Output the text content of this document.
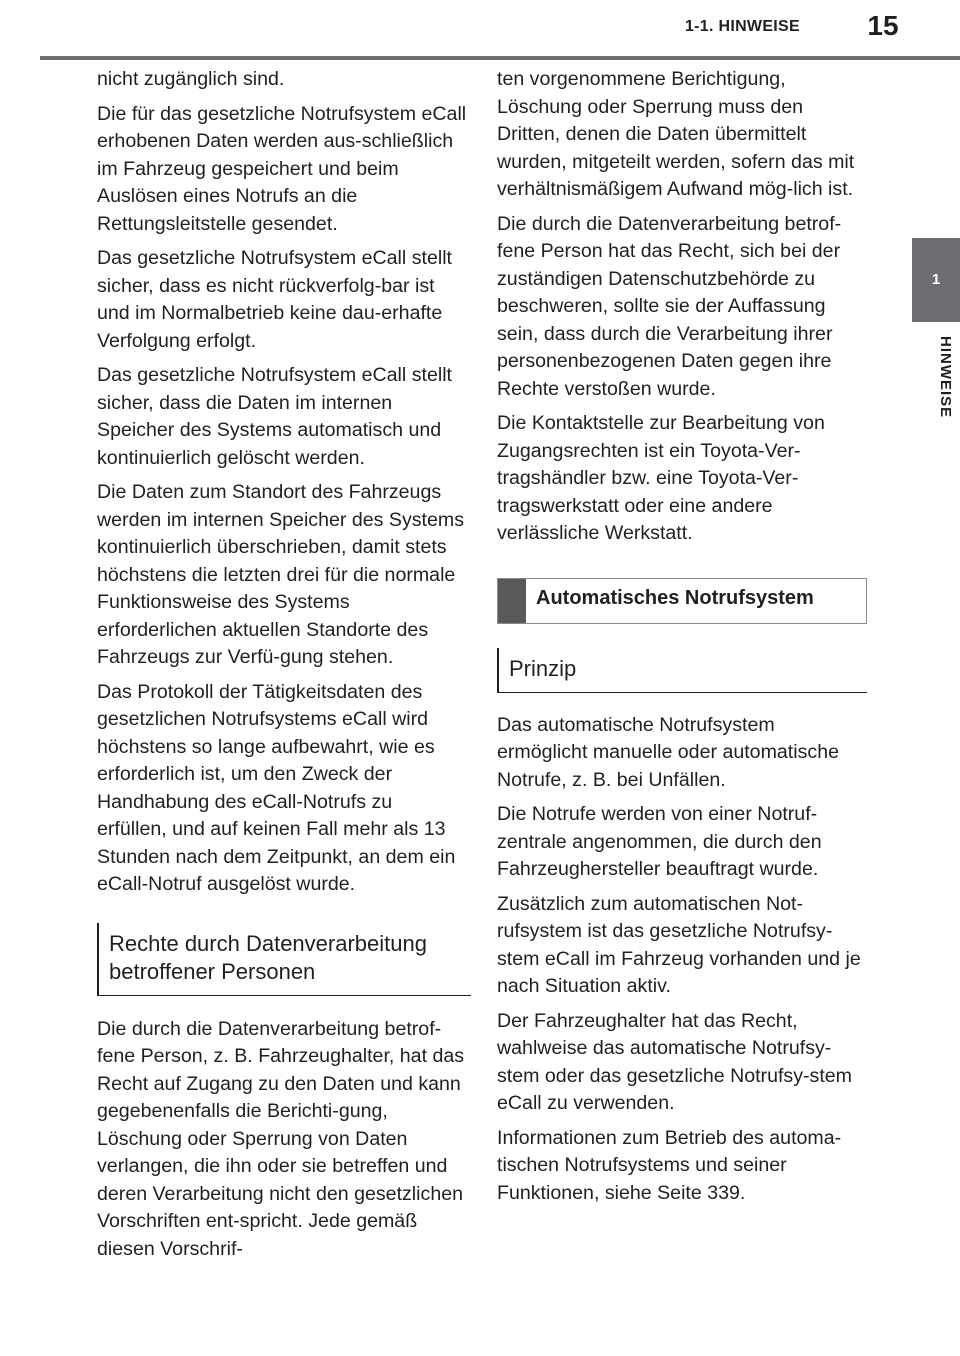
1-1. HINWEISE	15
1
HINWEISE

nicht zugänglich sind.

Die für das gesetzliche Notrufsystem eCall erhobenen Daten werden aus-schließlich im Fahrzeug gespeichert und beim Auslösen eines Notrufs an die Rettungsleitstelle gesendet.

Das gesetzliche Notrufsystem eCall stellt sicher, dass es nicht rückverfolg-bar ist und im Normalbetrieb keine dau-erhafte Verfolgung erfolgt.

Das gesetzliche Notrufsystem eCall stellt sicher, dass die Daten im internen Speicher des Systems automatisch und kontinuierlich gelöscht werden.

Die Daten zum Standort des Fahrzeugs werden im internen Speicher des Systems kontinuierlich überschrieben, damit stets höchstens die letzten drei für die normale Funktionsweise des Systems erforderlichen aktuellen Standorte des Fahrzeugs zur Verfü-gung stehen.

Das Protokoll der Tätigkeitsdaten des gesetzlichen Notrufsystems eCall wird höchstens so lange aufbewahrt, wie es erforderlich ist, um den Zweck der Handhabung des eCall-Notrufs zu erfüllen, und auf keinen Fall mehr als 13 Stunden nach dem Zeitpunkt, an dem ein eCall-Notruf ausgelöst wurde.

Rechte durch Datenverarbeitung betroffener Personen

Die durch die Datenverarbeitung betrof-fene Person, z. B. Fahrzeughalter, hat das Recht auf Zugang zu den Daten und kann gegebenenfalls die Berichti-gung, Löschung oder Sperrung von Daten verlangen, die ihn oder sie betreffen und deren Verarbeitung nicht den gesetzlichen Vorschriften ent-spricht. Jede gemäß diesen Vorschrif-

ten vorgenommene Berichtigung, Löschung oder Sperrung muss den Dritten, denen die Daten übermittelt wurden, mitgeteilt werden, sofern das mit verhältnismäßigem Aufwand mög-lich ist.

Die durch die Datenverarbeitung betrof-fene Person hat das Recht, sich bei der zuständigen Datenschutzbehörde zu beschweren, sollte sie der Auffassung sein, dass durch die Verarbeitung ihrer personenbezogenen Daten gegen ihre Rechte verstoßen wurde.

Die Kontaktstelle zur Bearbeitung von Zugangsrechten ist ein Toyota-Ver-tragshändler bzw. eine Toyota-Ver-tragswerkstatt oder eine andere verlässliche Werkstatt.

Automatisches Notrufsystem
Prinzip

Das automatische Notrufsystem ermöglicht manuelle oder automatische Notrufe, z. B. bei Unfällen.

Die Notrufe werden von einer Notruf-zentrale angenommen, die durch den Fahrzeughersteller beauftragt wurde.

Zusätzlich zum automatischen Not-rufsystem ist das gesetzliche Notrufsy-stem eCall im Fahrzeug vorhanden und je nach Situation aktiv.

Der Fahrzeughalter hat das Recht, wahlweise das automatische Notrufsy-stem oder das gesetzliche Notrufsy-stem eCall zu verwenden.

Informationen zum Betrieb des automa-tischen Notrufsystems und seiner Funktionen, siehe Seite 339.
